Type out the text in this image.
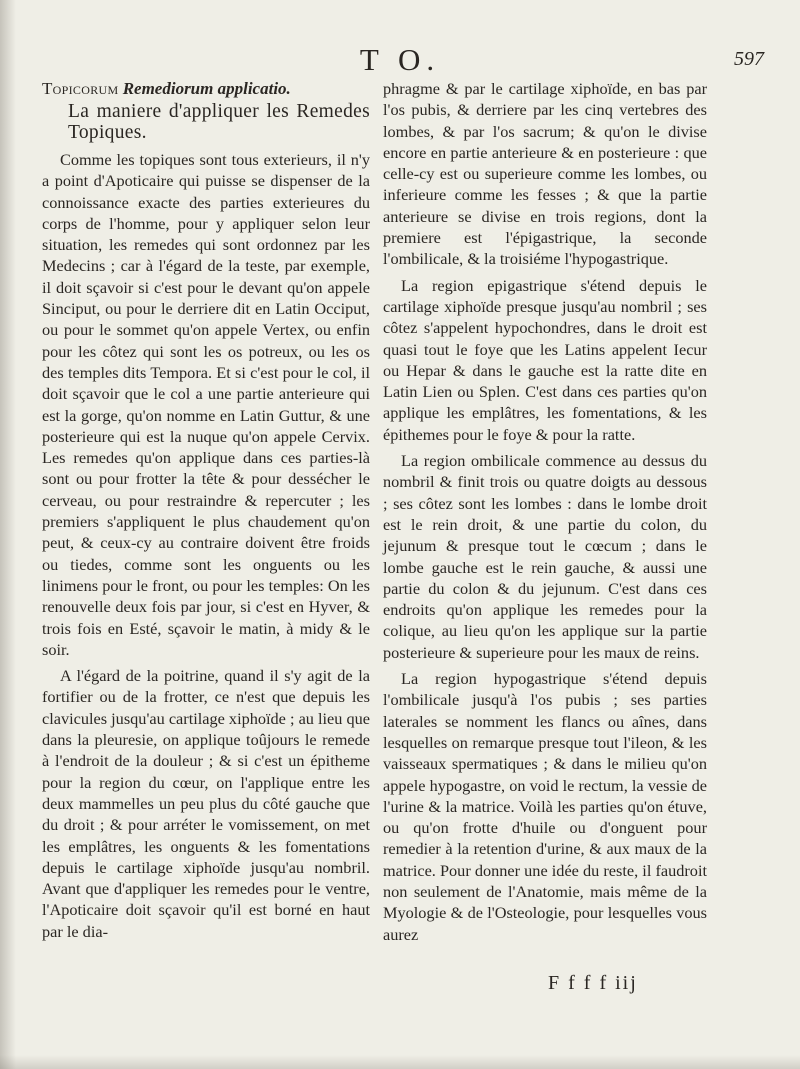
T O.	597
Topicorum Remediorum applicatio.
La maniere d'appliquer les Remedes Topiques.

Comme les topiques sont tous exterieurs, il n'y a point d'Apoticaire qui puisse se dispenser de la connoissance exacte des parties exterieures du corps de l'homme, pour y appliquer selon leur situation, les remedes qui sont ordonnez par les Medecins ; car à l'égard de la teste, par exemple, il doit sçavoir si c'est pour le devant qu'on appele Sinciput, ou pour le derriere dit en Latin Occiput, ou pour le sommet qu'on appele Vertex, ou enfin pour les côtez qui sont les os potreux, ou les os des temples dits Tempora. Et si c'est pour le col, il doit sçavoir que le col a une partie anterieure qui est la gorge, qu'on nomme en Latin Guttur, & une posterieure qui est la nuque qu'on appele Cervix. Les remedes qu'on applique dans ces parties-là sont ou pour frotter la tête & pour dessécher le cerveau, ou pour restraindre & repercuter ; les premiers s'appliquent le plus chaudement qu'on peut, & ceux-cy au contraire doivent être froids ou tiedes, comme sont les onguents ou les linimens pour le front, ou pour les temples: On les renouvelle deux fois par jour, si c'est en Hyver, & trois fois en Esté, sçavoir le matin, à midy & le soir.

A l'égard de la poitrine, quand il s'y agit de la fortifier ou de la frotter, ce n'est que depuis les clavicules jusqu'au cartilage xiphoïde ; au lieu que dans la pleuresie, on applique toûjours le remede à l'endroit de la douleur ; & si c'est un épitheme pour la region du cœur, on l'applique entre les deux mammelles un peu plus du côté gauche que du droit ; & pour arréter le vomissement, on met les emplâtres, les onguents & les fomentations depuis le cartilage xiphoïde jusqu'au nombril. Avant que d'appliquer les remedes pour le ventre, l'Apoticaire doit sçavoir qu'il est borné en haut par le dia-

phragme & par le cartilage xiphoïde, en bas par l'os pubis, & derriere par les cinq vertebres des lombes, & par l'os sacrum; & qu'on le divise encore en partie anterieure & en posterieure : que celle-cy est ou superieure comme les lombes, ou inferieure comme les fesses ; & que la partie anterieure se divise en trois regions, dont la premiere est l'épigastrique, la seconde l'ombilicale, & la troisiéme l'hypogastrique.

La region epigastrique s'étend depuis le cartilage xiphoïde presque jusqu'au nombril ; ses côtez s'appelent hypochondres, dans le droit est quasi tout le foye que les Latins appelent Iecur ou Hepar & dans le gauche est la ratte dite en Latin Lien ou Splen. C'est dans ces parties qu'on applique les emplâtres, les fomentations, & les épithemes pour le foye & pour la ratte.

La region ombilicale commence au dessus du nombril & finit trois ou quatre doigts au dessous ; ses côtez sont les lombes : dans le lombe droit est le rein droit, & une partie du colon, du jejunum & presque tout le cœcum ; dans le lombe gauche est le rein gauche, & aussi une partie du colon & du jejunum. C'est dans ces endroits qu'on applique les remedes pour la colique, au lieu qu'on les applique sur la partie posterieure & superieure pour les maux de reins.

La region hypogastrique s'étend depuis l'ombilicale jusqu'à l'os pubis ; ses parties laterales se nomment les flancs ou aînes, dans lesquelles on remarque presque tout l'ileon, & les vaisseaux spermatiques ; & dans le milieu qu'on appele hypogastre, on void le rectum, la vessie de l'urine & la matrice. Voilà les parties qu'on étuve, ou qu'on frotte d'huile ou d'onguent pour remedier à la retention d'urine, & aux maux de la matrice. Pour donner une idée du reste, il faudroit non seulement de l'Anatomie, mais même de la Myologie & de l'Osteologie, pour lesquelles vous aurez

F f f f iij
